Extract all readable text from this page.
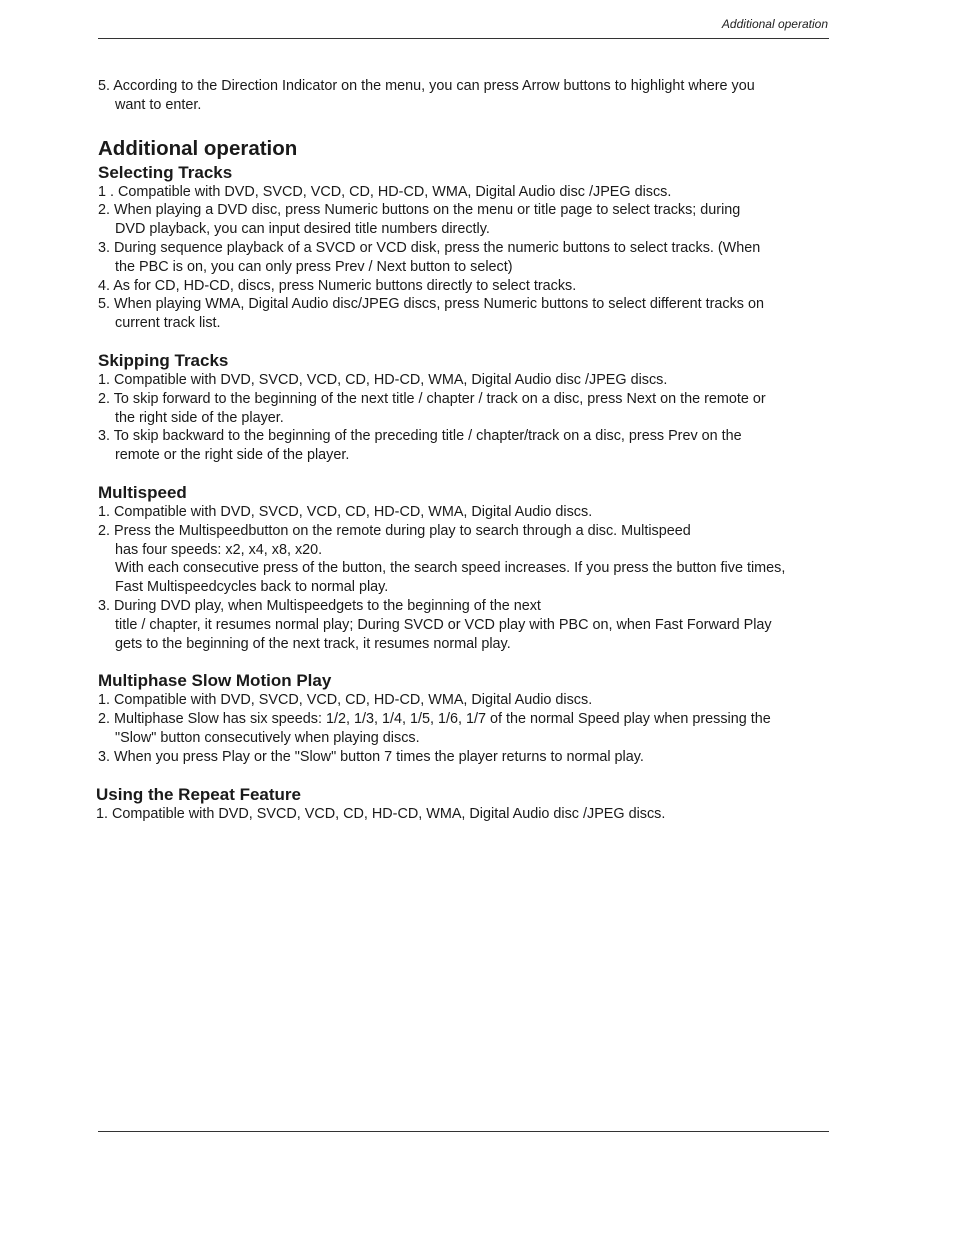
Additional operation

5. According to the Direction Indicator on the menu, you can press Arrow buttons to highlight where you

want to enter.

Additional operation
Selecting Tracks

1 . Compatible with DVD, SVCD, VCD, CD, HD-CD, WMA, Digital Audio disc /JPEG discs.

2. When playing a DVD disc, press Numeric buttons on the menu or title page to select tracks; during

DVD playback, you can input desired title numbers directly.

3. During sequence playback of a SVCD or VCD disk, press the numeric buttons to select tracks. (When

the PBC is on, you can only press Prev / Next button to select)

4. As for CD, HD-CD, discs, press Numeric buttons directly to select tracks.

5. When playing WMA, Digital Audio disc/JPEG discs, press Numeric buttons to select different tracks on

current track list.

Skipping Tracks

1. Compatible with DVD, SVCD, VCD, CD, HD-CD, WMA, Digital Audio disc /JPEG discs.

2. To skip forward to the beginning of the next title / chapter / track on a disc, press Next on the remote or

the right side of the player.

3. To skip backward to the beginning of the preceding title / chapter/track on a disc, press Prev on the

remote or the right side of the player.

Multispeed

1. Compatible with DVD, SVCD, VCD, CD, HD-CD, WMA, Digital Audio discs.

2. Press the Multispeedbutton on the remote during play to search through a disc. Multispeed

has four speeds: x2, x4, x8, x20.

With each consecutive press of the button, the search speed increases. If you press the button five times,

Fast Multispeedcycles back to normal play.

3. During DVD play, when Multispeedgets to the beginning of the next

title / chapter, it resumes normal play; During SVCD or VCD play with PBC on, when Fast Forward Play

gets to the beginning of the next track, it resumes normal play.

Multiphase Slow Motion Play

1. Compatible with DVD, SVCD, VCD, CD, HD-CD, WMA, Digital Audio discs.

2. Multiphase Slow has six speeds: 1/2, 1/3, 1/4, 1/5, 1/6, 1/7 of the normal Speed play when pressing the

"Slow" button consecutively when playing discs.

3. When you press Play or the "Slow" button 7 times the player returns to normal play.

Using the Repeat Feature

1. Compatible with DVD, SVCD, VCD, CD, HD-CD, WMA, Digital Audio disc /JPEG discs.
